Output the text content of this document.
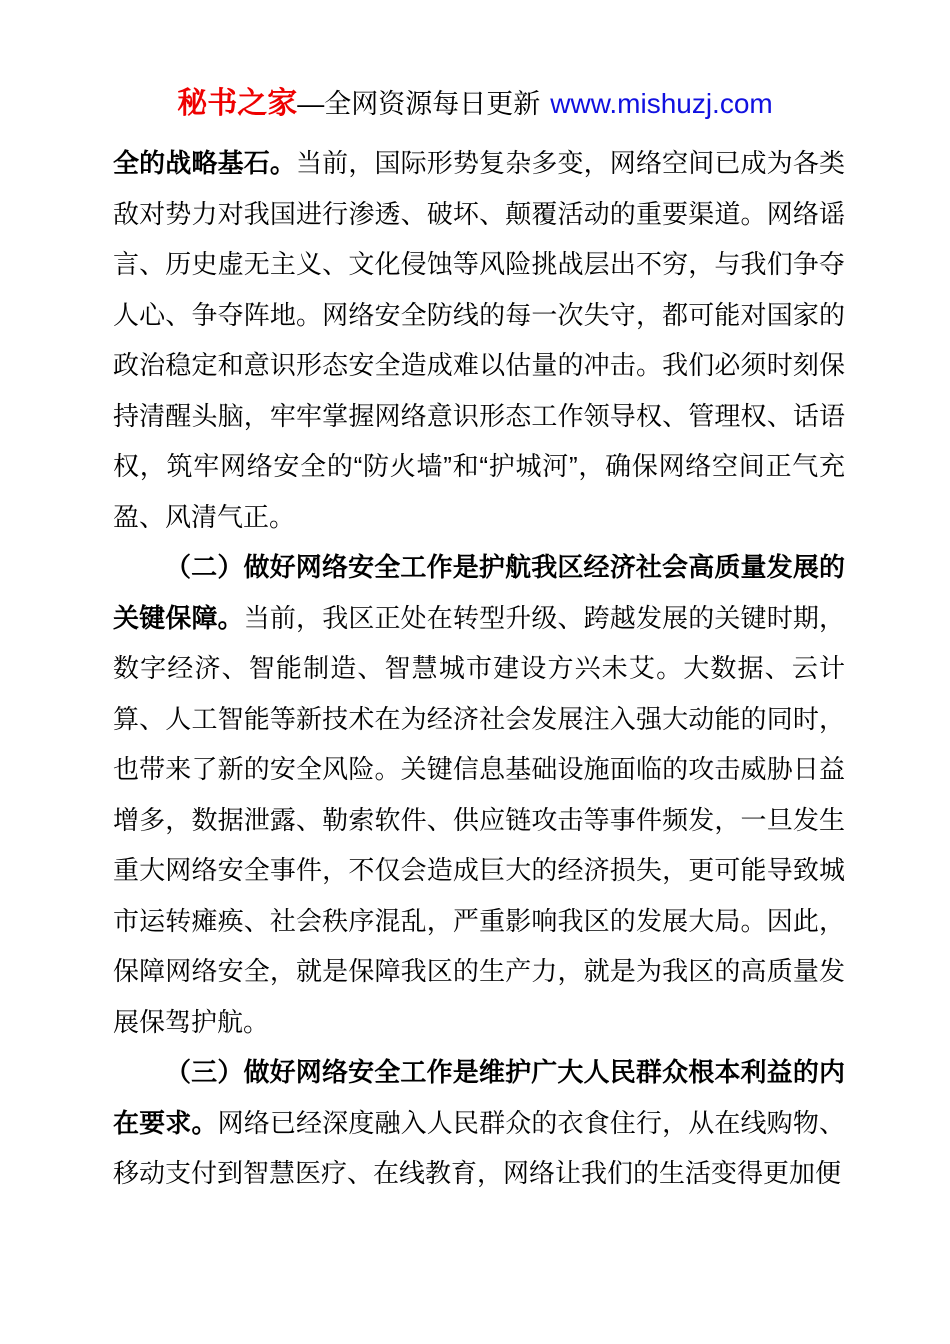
秘书之家—全网资源每日更新 www.mishuzj.com

全的战略基石。当前，国际形势复杂多变，网络空间已成为各类敌对势力对我国进行渗透、破坏、颠覆活动的重要渠道。网络谣言、历史虚无主义、文化侵蚀等风险挑战层出不穷，与我们争夺人心、争夺阵地。网络安全防线的每一次失守，都可能对国家的政治稳定和意识形态安全造成难以估量的冲击。我们必须时刻保持清醒头脑，牢牢掌握网络意识形态工作领导权、管理权、话语权，筑牢网络安全的“防火墙”和“护城河”，确保网络空间正气充盈、风清气正。

（二）做好网络安全工作是护航我区经济社会高质量发展的关键保障。当前，我区正处在转型升级、跨越发展的关键时期，数字经济、智能制造、智慧城市建设方兴未艾。大数据、云计算、人工智能等新技术在为经济社会发展注入强大动能的同时，也带来了新的安全风险。关键信息基础设施面临的攻击威胁日益增多，数据泄露、勒索软件、供应链攻击等事件频发，一旦发生重大网络安全事件，不仅会造成巨大的经济损失，更可能导致城市运转瘫痪、社会秩序混乱，严重影响我区的发展大局。因此，保障网络安全，就是保障我区的生产力，就是为我区的高质量发展保驾护航。

（三）做好网络安全工作是维护广大人民群众根本利益的内在要求。网络已经深度融入人民群众的衣食住行，从在线购物、移动支付到智慧医疗、在线教育，网络让我们的生活变得更加便
